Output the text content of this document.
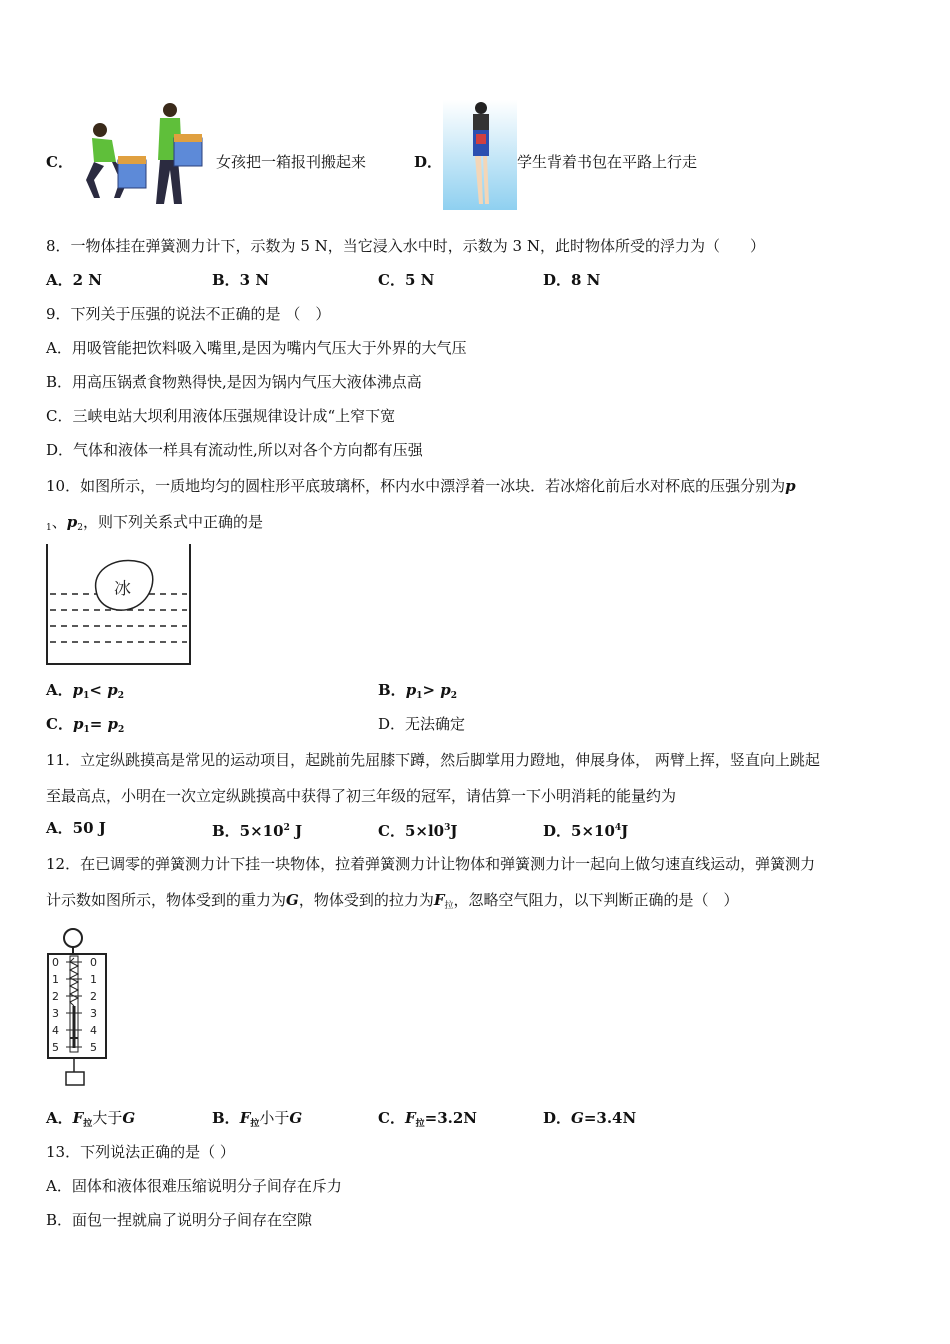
C．	女孩把一箱报刊搬起来	D．	学生背着书包在平路上行走
8．一物体挂在弹簧测力计下，示数为 5 N，当它浸入水中时，示数为 3 N，此时物体所受的浮力为（　　）
A．2 N	B．3 N	C．5 N	D．8 N
9．下列关于压强的说法不正确的是 （　）
A．用吸管能把饮料吸入嘴里,是因为嘴内气压大于外界的大气压
B．用高压锅煮食物熟得快,是因为锅内气压大液体沸点高
C．三峡电站大坝利用液体压强规律设计成“上窄下宽
D．气体和液体一样具有流动性,所以对各个方向都有压强
10．如图所示，一质地均匀的圆柱形平底玻璃杯，杯内水中漂浮着一冰块．若冰熔化前后水对杯底的压强分别为p
$_1$、$p_2$，则下列关系式中正确的是
冰
A．$p_1< p_2$	B．$p_1> p_2$
C．$p_1= p_2$	D．无法确定
11．立定纵跳摸高是常见的运动项目，起跳前先屈膝下蹲，然后脚掌用力蹬地，伸展身体， 两臂上挥，竖直向上跳起
至最高点，小明在一次立定纵跳摸高中获得了初三年级的冠军，请估算一下小明消耗的能量约为
A．50 J	B．$5\times 10^2$ J	C．$5\times l0^3J$	D．$5\times 10^4J$
12．在已调零的弹簧测力计下挂一块物体，拉着弹簧测力计让物体和弹簧测力计一起向上做匀速直线运动，弹簧测力
计示数如图所示，物体受到的重力为G，物体受到的拉力为$F_拉$，忽略空气阻力，以下判断正确的是（　）
0
1
2
3
4
5
0
1
2
3
4
5
A．$F_拉$大于G	B．$F_拉$小于G	C．$F_拉=3.2N$	D．G=3.4N
13．下列说法正确的是（ ）
A．固体和液体很难压缩说明分子间存在斥力
B．面包一捏就扁了说明分子间存在空隙
